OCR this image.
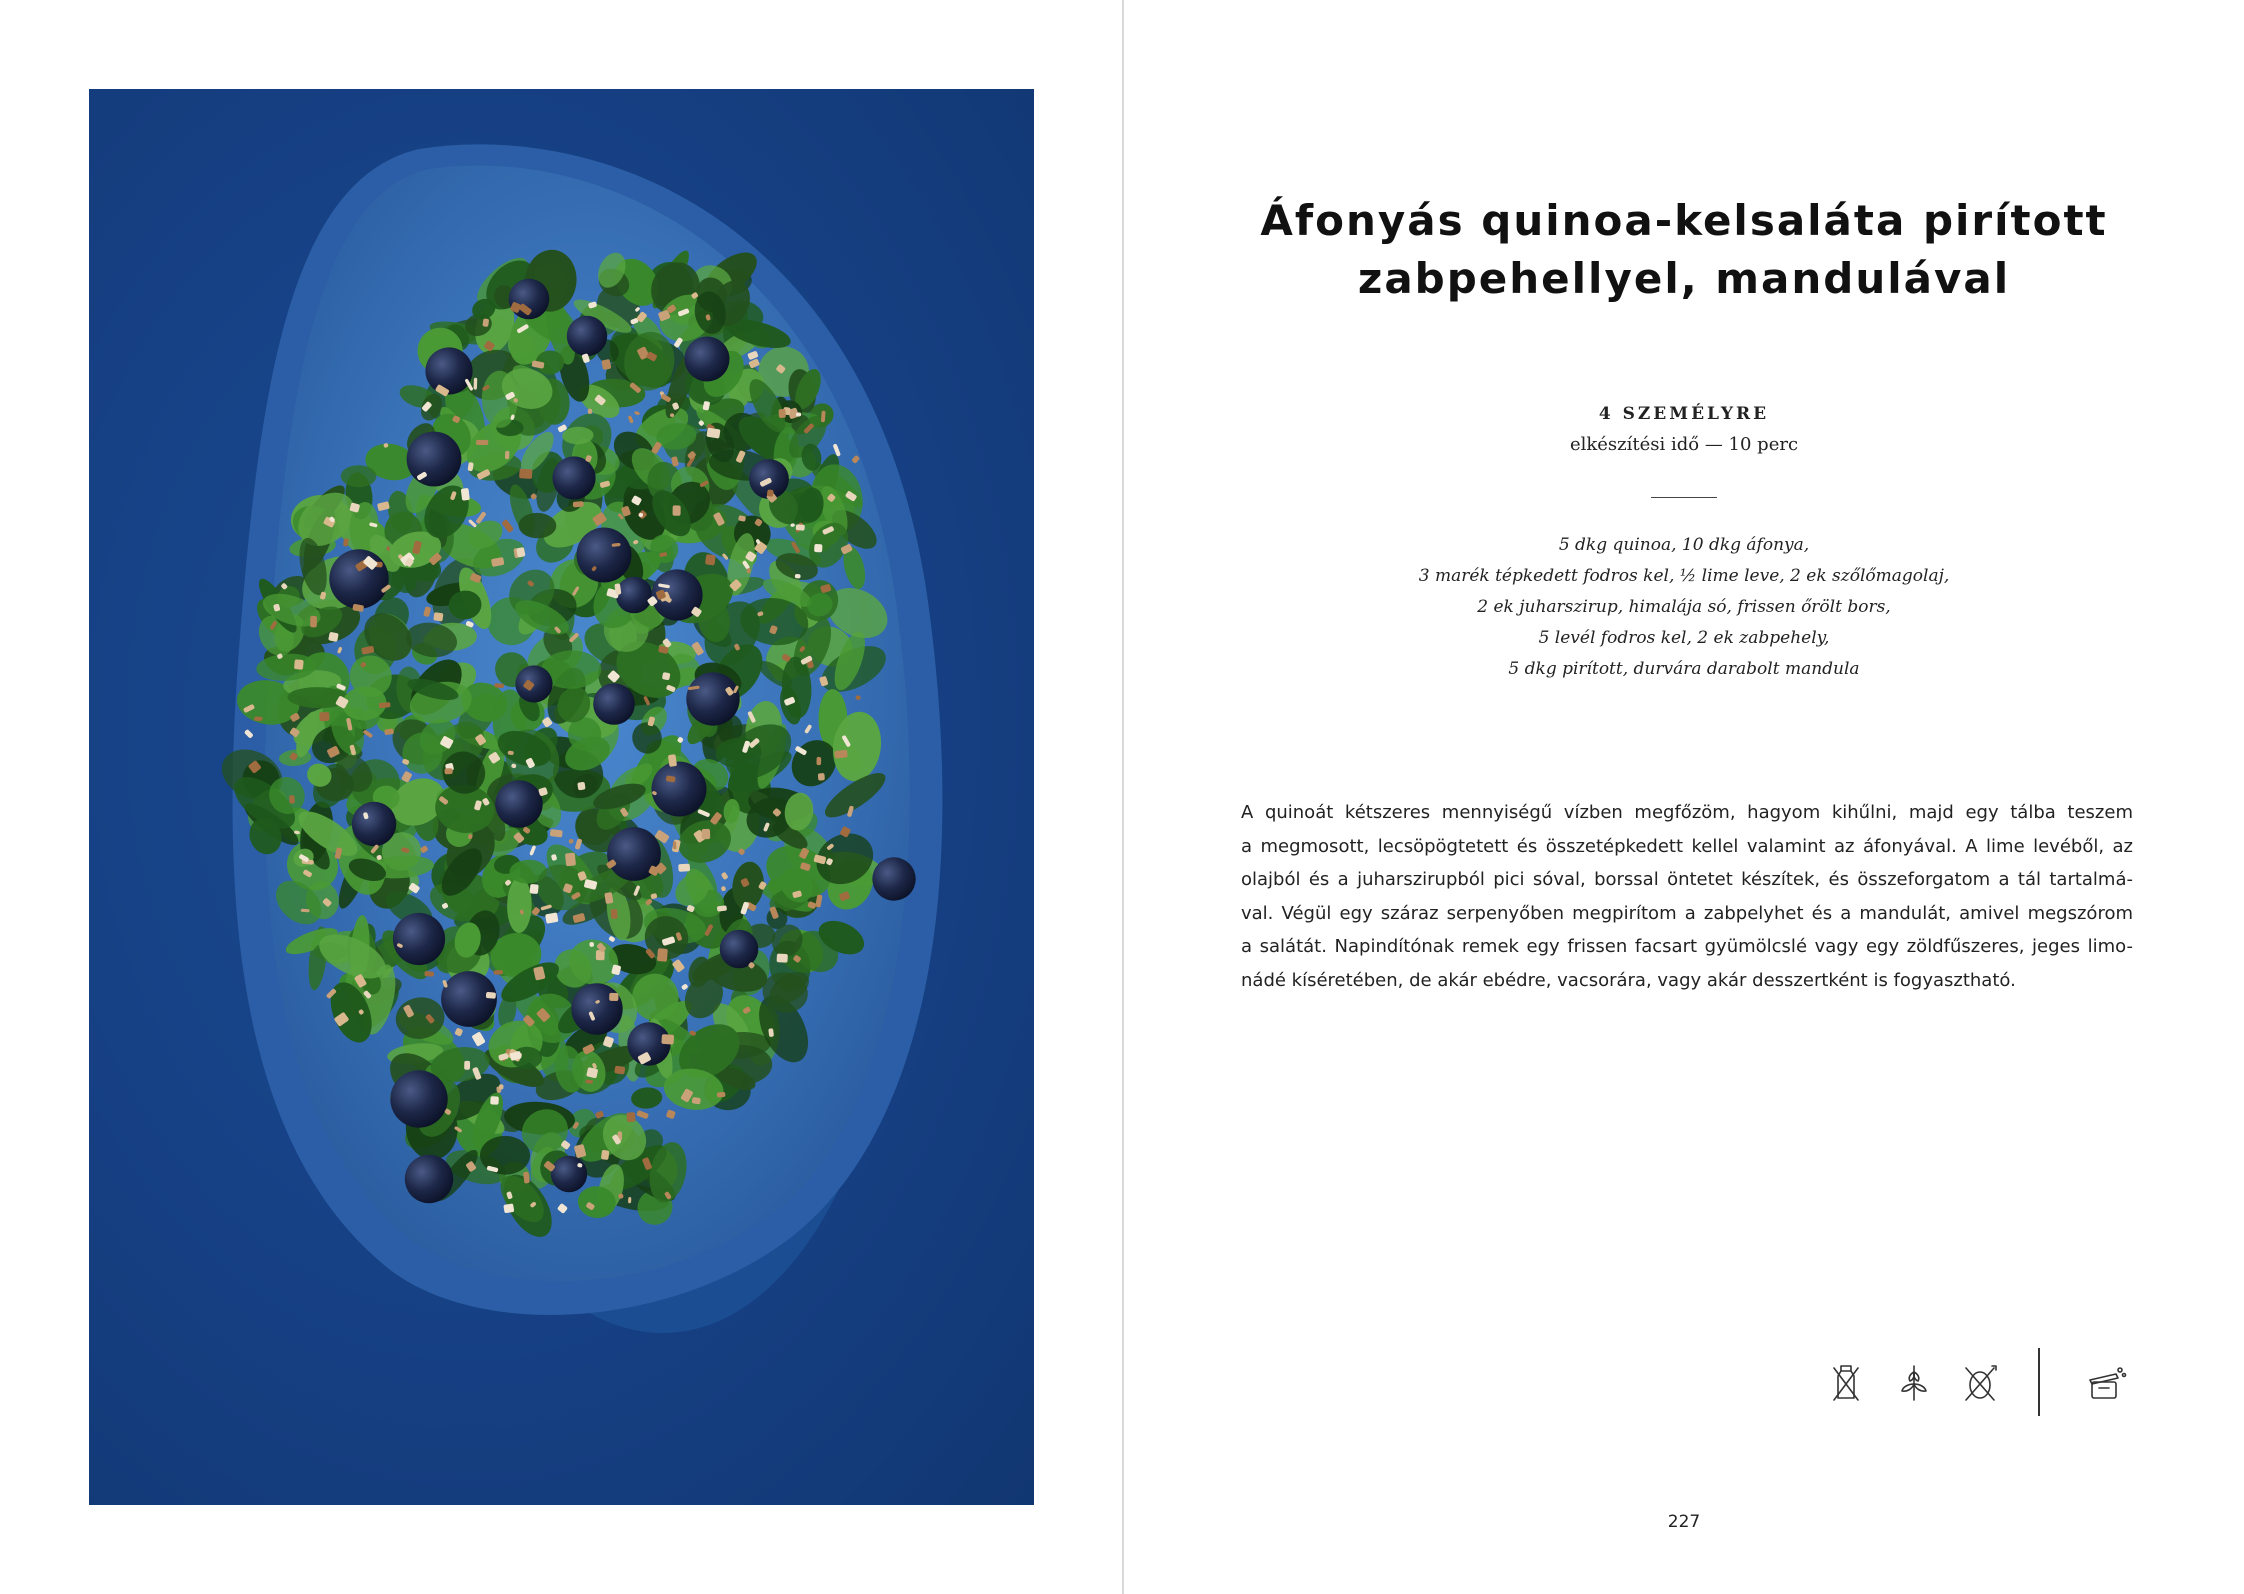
Áfonyás quinoa-kelsaláta pirított
zabpehellyel, mandulával
4 SZEMÉLYRE
elkészítési idő — 10 perc
5 dkg quinoa, 10 dkg áfonya,
3 marék tépkedett fodros kel, ½ lime leve, 2 ek szőlőmagolaj,
2 ek juharszirup, himalája só, frissen őrölt bors,
5 levél fodros kel, 2 ek zabpehely,
5 dkg pirított, durvára darabolt mandula
A quinoát kétszeres mennyiségű vízben megfőzöm, hagyom kihűlni, majd egy tálba teszem
a megmosott, lecsöpögtetett és összetépkedett kellel valamint az áfonyával. A lime levéből, az
olajból és a juharszirupból pici sóval, borssal öntetet készítek, és összeforgatom a tál tartalmá-
val. Végül egy száraz serpenyőben megpirítom a zabpelyhet és a mandulát, amivel megszórom
a salátát. Napindítónak remek egy frissen facsart gyümölcslé vagy egy zöldfűszeres, jeges limo-
nádé kíséretében, de akár ebédre, vacsorára, vagy akár desszertként is fogyasztható.
227
